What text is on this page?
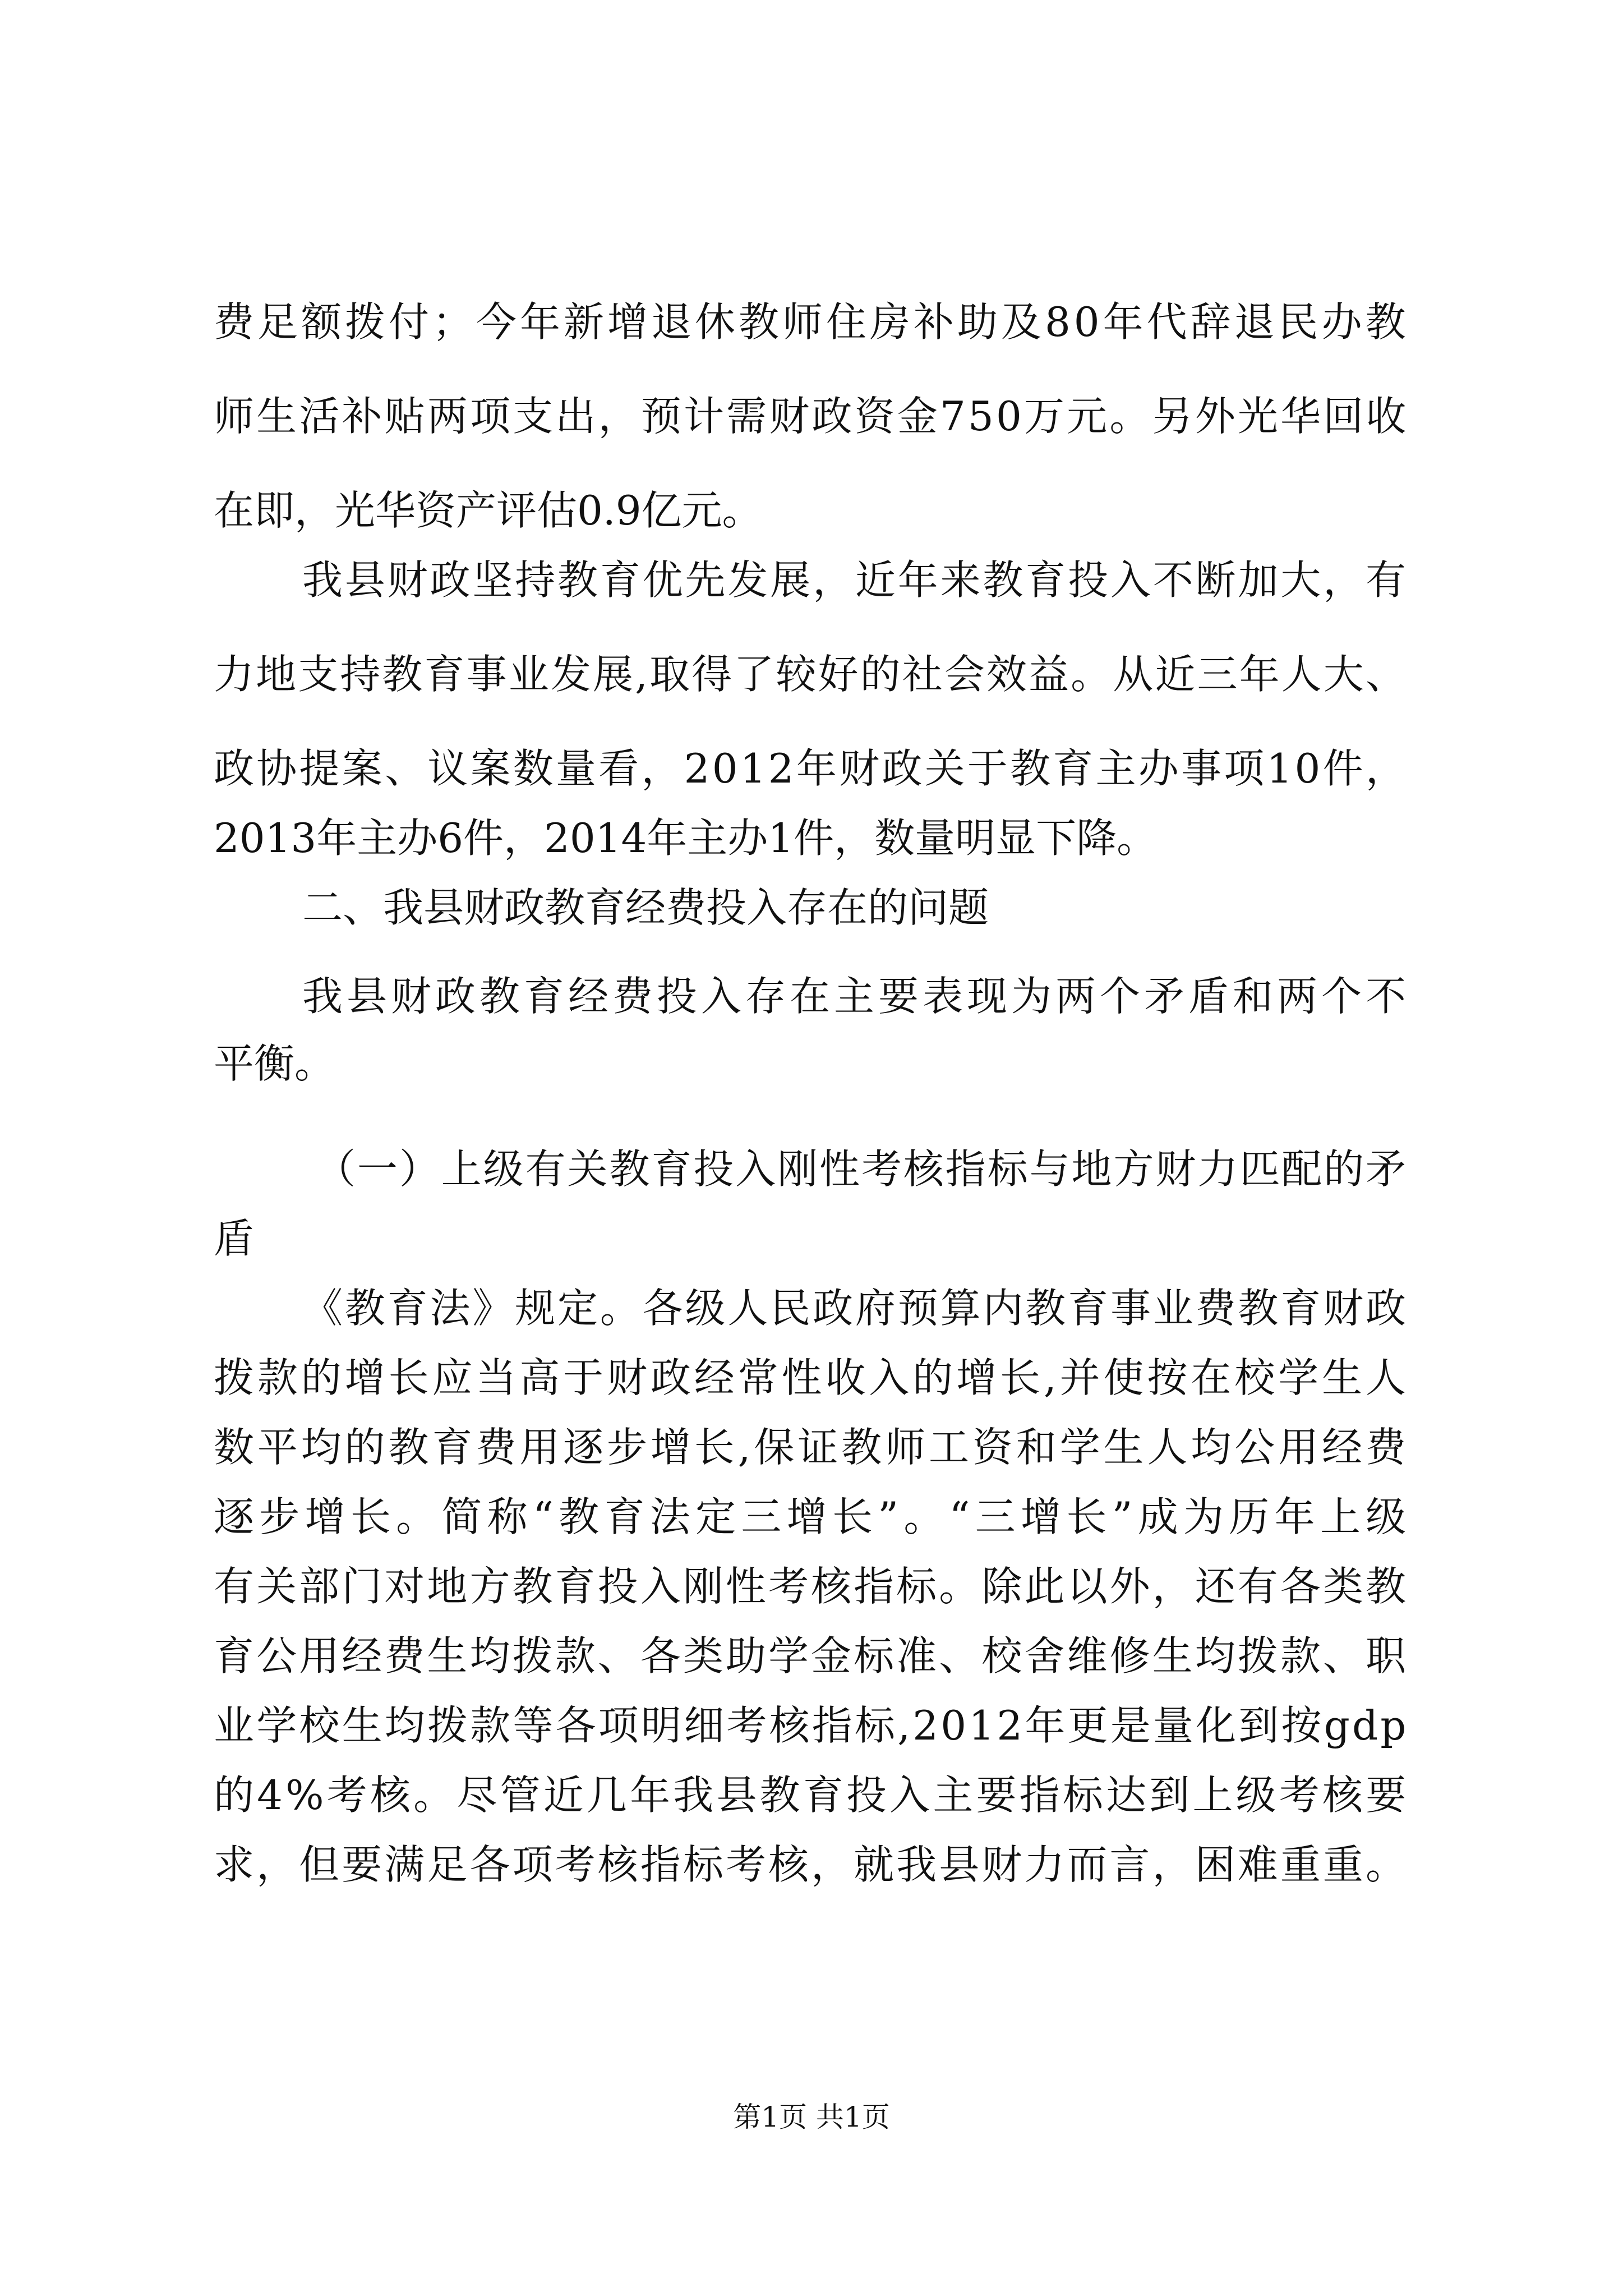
费足额拨付；今年新增退休教师住房补助及80年代辞退民办教
师生活补贴两项支出，预计需财政资金750万元。另外光华回收
在即，光华资产评估0.9亿元。
我县财政坚持教育优先发展，近年来教育投入不断加大，有
力地支持教育事业发展,取得了较好的社会效益。从近三年人大、
政协提案、议案数量看，2012年财政关于教育主办事项10件，
2013年主办6件，2014年主办1件，数量明显下降。
二、我县财政教育经费投入存在的问题
我县财政教育经费投入存在主要表现为两个矛盾和两个不
平衡。
（一）上级有关教育投入刚性考核指标与地方财力匹配的矛
盾
《教育法》规定。各级人民政府预算内教育事业费教育财政
拨款的增长应当高于财政经常性收入的增长,并使按在校学生人
数平均的教育费用逐步增长,保证教师工资和学生人均公用经费
逐步增长。简称“教育法定三增长”。“三增长”成为历年上级
有关部门对地方教育投入刚性考核指标。除此以外，还有各类教
育公用经费生均拨款、各类助学金标准、校舍维修生均拨款、职
业学校生均拨款等各项明细考核指标,2012年更是量化到按gdp
的4%考核。尽管近几年我县教育投入主要指标达到上级考核要
求，但要满足各项考核指标考核，就我县财力而言，困难重重。
第1页 共1页
